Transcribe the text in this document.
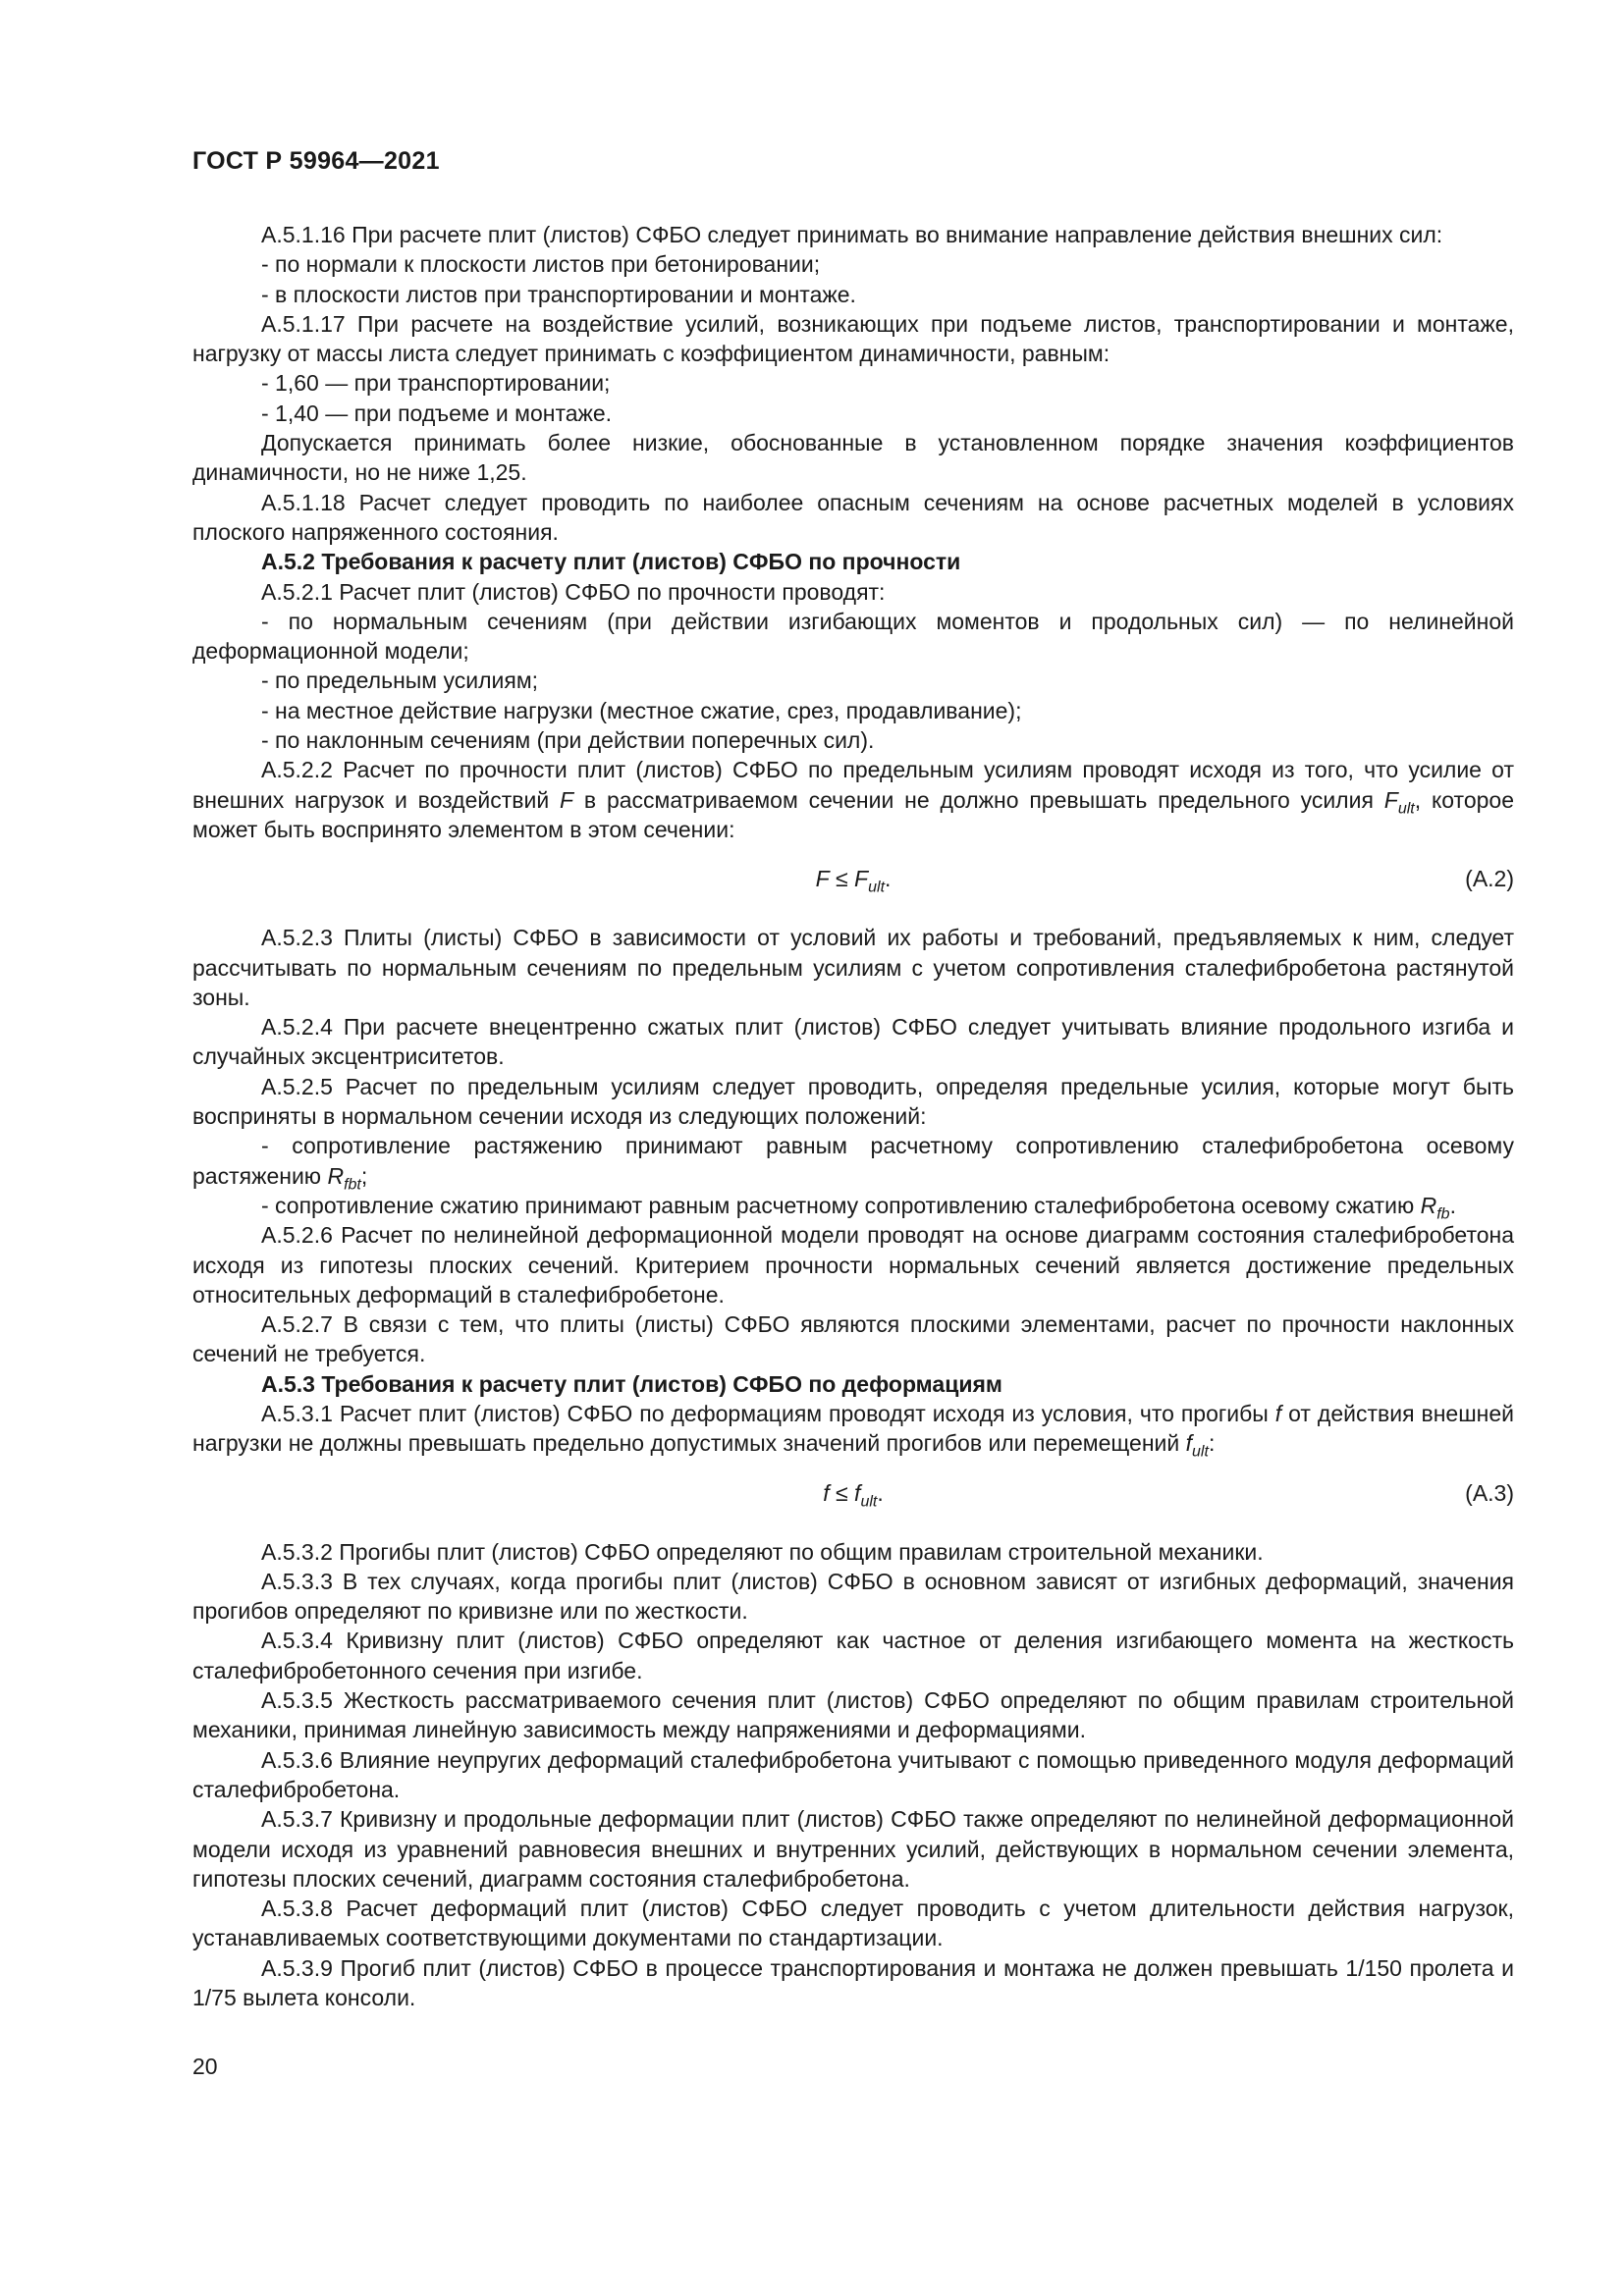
ГОСТ Р 59964—2021

А.5.1.16 При расчете плит (листов) СФБО следует принимать во внимание направление действия внешних сил:

- по нормали к плоскости листов при бетонировании;

- в плоскости листов при транспортировании и монтаже.

А.5.1.17 При расчете на воздействие усилий, возникающих при подъеме листов, транспортировании и монтаже, нагрузку от массы листа следует принимать с коэффициентом динамичности, равным:

- 1,60 — при транспортировании;

- 1,40 — при подъеме и монтаже.

Допускается принимать более низкие, обоснованные в установленном порядке значения коэффициентов динамичности, но не ниже 1,25.

А.5.1.18 Расчет следует проводить по наиболее опасным сечениям на основе расчетных моделей в условиях плоского напряженного состояния.

А.5.2 Требования к расчету плит (листов) СФБО по прочности

А.5.2.1 Расчет плит (листов) СФБО по прочности проводят:

- по нормальным сечениям (при действии изгибающих моментов и продольных сил) — по нелинейной деформационной модели;

- по предельным усилиям;

- на местное действие нагрузки (местное сжатие, срез, продавливание);

- по наклонным сечениям (при действии поперечных сил).

А.5.2.2 Расчет по прочности плит (листов) СФБО по предельным усилиям проводят исходя из того, что усилие от внешних нагрузок и воздействий F в рассматриваемом сечении не должно превышать предельного усилия $F_{ult}$, которое может быть воспринято элементом в этом сечении:

$F \le F_{ult}$.	(А.2)

А.5.2.3 Плиты (листы) СФБО в зависимости от условий их работы и требований, предъявляемых к ним, следует рассчитывать по нормальным сечениям по предельным усилиям с учетом сопротивления сталефибробетона растянутой зоны.

А.5.2.4 При расчете внецентренно сжатых плит (листов) СФБО следует учитывать влияние продольного изгиба и случайных эксцентриситетов.

А.5.2.5 Расчет по предельным усилиям следует проводить, определяя предельные усилия, которые могут быть восприняты в нормальном сечении исходя из следующих положений:

- сопротивление растяжению принимают равным расчетному сопротивлению сталефибробетона осевому растяжению $R_{fbt}$;

- сопротивление сжатию принимают равным расчетному сопротивлению сталефибробетона осевому сжатию $R_{fb}$.

А.5.2.6 Расчет по нелинейной деформационной модели проводят на основе диаграмм состояния сталефибробетона исходя из гипотезы плоских сечений. Критерием прочности нормальных сечений является достижение предельных относительных деформаций в сталефибробетоне.

А.5.2.7 В связи с тем, что плиты (листы) СФБО являются плоскими элементами, расчет по прочности наклонных сечений не требуется.

А.5.3 Требования к расчету плит (листов) СФБО по деформациям

А.5.3.1 Расчет плит (листов) СФБО по деформациям проводят исходя из условия, что прогибы f от действия внешней нагрузки не должны превышать предельно допустимых значений прогибов или перемещений $f_{ult}$:

$f \le f_{ult}$.	(А.3)

А.5.3.2 Прогибы плит (листов) СФБО определяют по общим правилам строительной механики.

А.5.3.3 В тех случаях, когда прогибы плит (листов) СФБО в основном зависят от изгибных деформаций, значения прогибов определяют по кривизне или по жесткости.

А.5.3.4 Кривизну плит (листов) СФБО определяют как частное от деления изгибающего момента на жесткость сталефибробетонного сечения при изгибе.

А.5.3.5 Жесткость рассматриваемого сечения плит (листов) СФБО определяют по общим правилам строительной механики, принимая линейную зависимость между напряжениями и деформациями.

А.5.3.6 Влияние неупругих деформаций сталефибробетона учитывают с помощью приведенного модуля деформаций сталефибробетона.

А.5.3.7 Кривизну и продольные деформации плит (листов) СФБО также определяют по нелинейной деформационной модели исходя из уравнений равновесия внешних и внутренних усилий, действующих в нормальном сечении элемента, гипотезы плоских сечений, диаграмм состояния сталефибробетона.

А.5.3.8 Расчет деформаций плит (листов) СФБО следует проводить с учетом длительности действия нагрузок, устанавливаемых соответствующими документами по стандартизации.

А.5.3.9 Прогиб плит (листов) СФБО в процессе транспортирования и монтажа не должен превышать 1/150 пролета и 1/75 вылета консоли.

20
